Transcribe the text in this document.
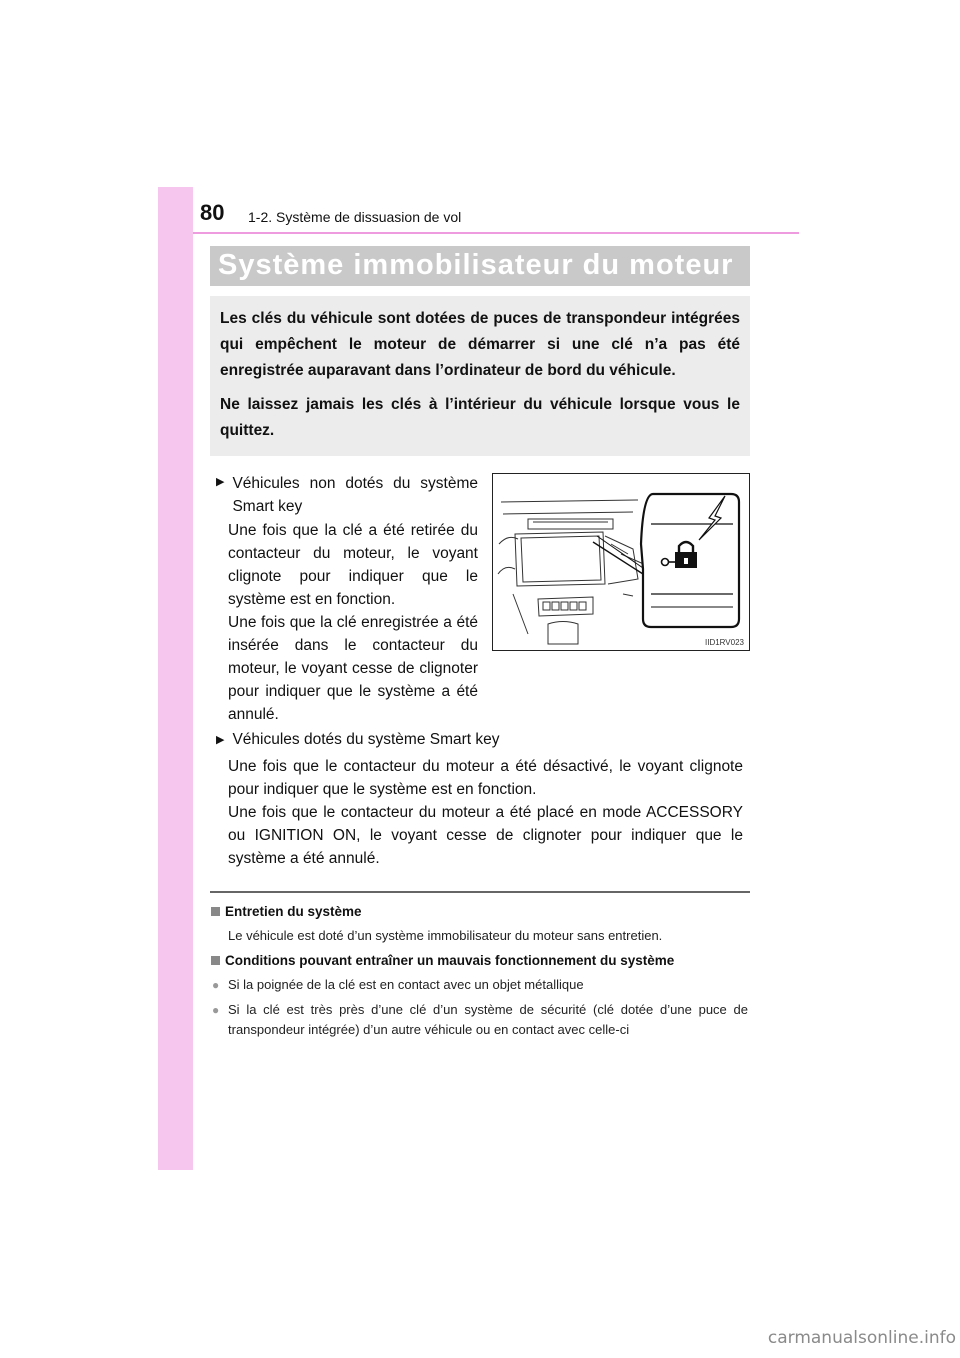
80 1-2. Système de dissuasion de vol
Système immobilisateur du moteur

Les clés du véhicule sont dotées de puces de transpondeur intégrées qui empêchent le moteur de démarrer si une clé n’a pas été enregistrée auparavant dans l’ordinateur de bord du véhicule.

Ne laissez jamais les clés à l’intérieur du véhicule lorsque vous le quittez.

▶ Véhicules non dotés du système Smart key

Une fois que la clé a été retirée du contacteur du moteur, le voyant clignote pour indiquer que le système est en fonction.

Une fois que la clé enregistrée a été insérée dans le contacteur du moteur, le voyant cesse de clignoter pour indiquer que le système a été annulé.

IID1RV023
▶ Véhicules dotés du système Smart key

Une fois que le contacteur du moteur a été désactivé, le voyant clignote pour indiquer que le système est en fonction.

Une fois que le contacteur du moteur a été placé en mode ACCESSORY ou IGNITION ON, le voyant cesse de clignoter pour indiquer que le système a été annulé.

Entretien du système
Le véhicule est doté d’un système immobilisateur du moteur sans entretien.
Conditions pouvant entraîner un mauvais fonctionnement du système
● Si la poignée de la clé est en contact avec un objet métallique
● Si la clé est très près d’une clé d’un système de sécurité (clé dotée d’une puce de transpondeur intégrée) d’un autre véhicule ou en contact avec celle-ci
carmanualsonline.info
